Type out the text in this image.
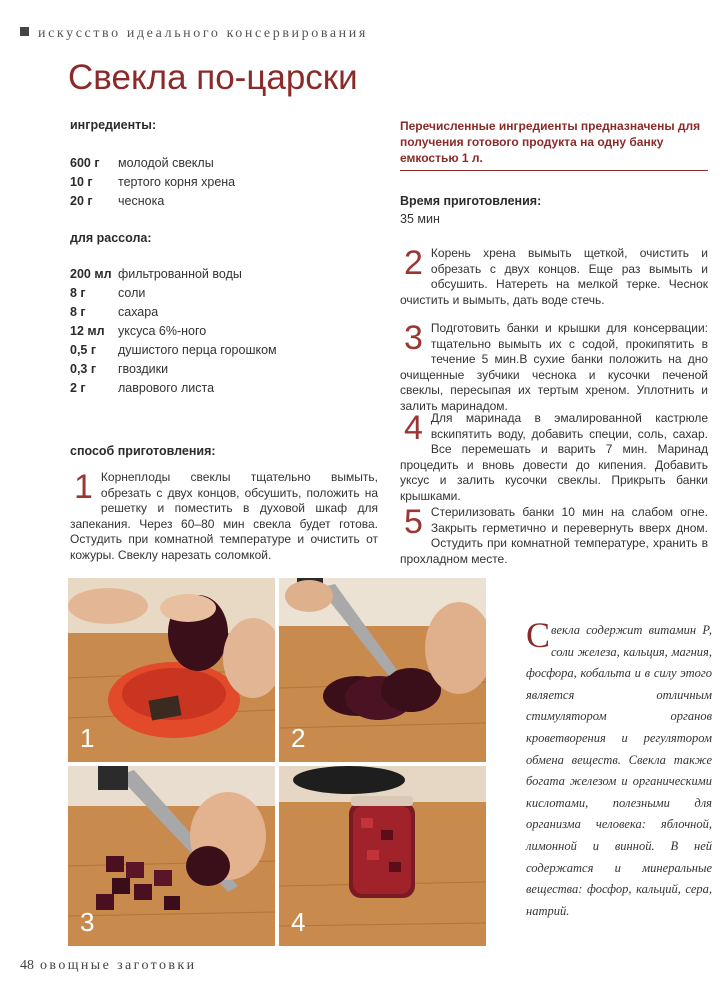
искусство идеального консервирования
Свекла по-царски
ингредиенты:
600 г	молодой свеклы
10 г	тертого корня хрена
20 г	чеснока
для рассола:
200 мл фильтрованной воды
8 г	соли
8 г	сахара
12 мл	уксуса 6%-ного
0,5 г	душистого перца горошком
0,3 г	гвоздики
2 г	лаврового листа
способ приготовления:
1 Корнеплоды свеклы тщательно вымыть, обрезать с двух концов, обсушить, положить на решетку и поместить в духовой шкаф для запекания. Через 60–80 мин свекла будет готова. Остудить при комнатной температуре и очистить от кожуры. Свеклу нарезать соломкой.
Перечисленные ингредиенты предназначены для получения готового продукта на одну банку емкостью 1 л.
Время приготовления:
35 мин
2 Корень хрена вымыть щеткой, очистить и обрезать с двух концов. Еще раз вымыть и обсушить. Натереть на мелкой терке. Чеснок очистить и вымыть, дать воде стечь.
3 Подготовить банки и крышки для консервации: тщательно вымыть их с содой, прокипятить в течение 5 мин.В сухие банки положить на дно очищенные зубчики чеснока и кусочки печеной свеклы, пересыпая их тертым хреном. Уплотнить и залить маринадом.
4 Для маринада в эмалированной кастрюле вскипятить воду, добавить специи, соль, сахар. Все перемешать и варить 7 мин. Маринад процедить и вновь довести до кипения. Добавить уксус и залить кусочки свеклы. Прикрыть банки крышками.
5 Стерилизовать банки 10 мин на слабом огне. Закрыть герметично и перевернуть вверх дном. Остудить при комнатной температуре, хранить в прохладном месте.
1	2
3	4
Свекла содержит витамин Р, соли железа, кальция, магния, фосфора, кобальта и в силу этого является отличным стимулятором органов кроветворения и регулятором обмена веществ. Свекла также богата железом и органическими кислотами, полезными для организма человека: яблочной, лимонной и винной. В ней содержатся и минеральные вещества: фосфор, кальций, сера, натрий.
48 овощные заготовки
